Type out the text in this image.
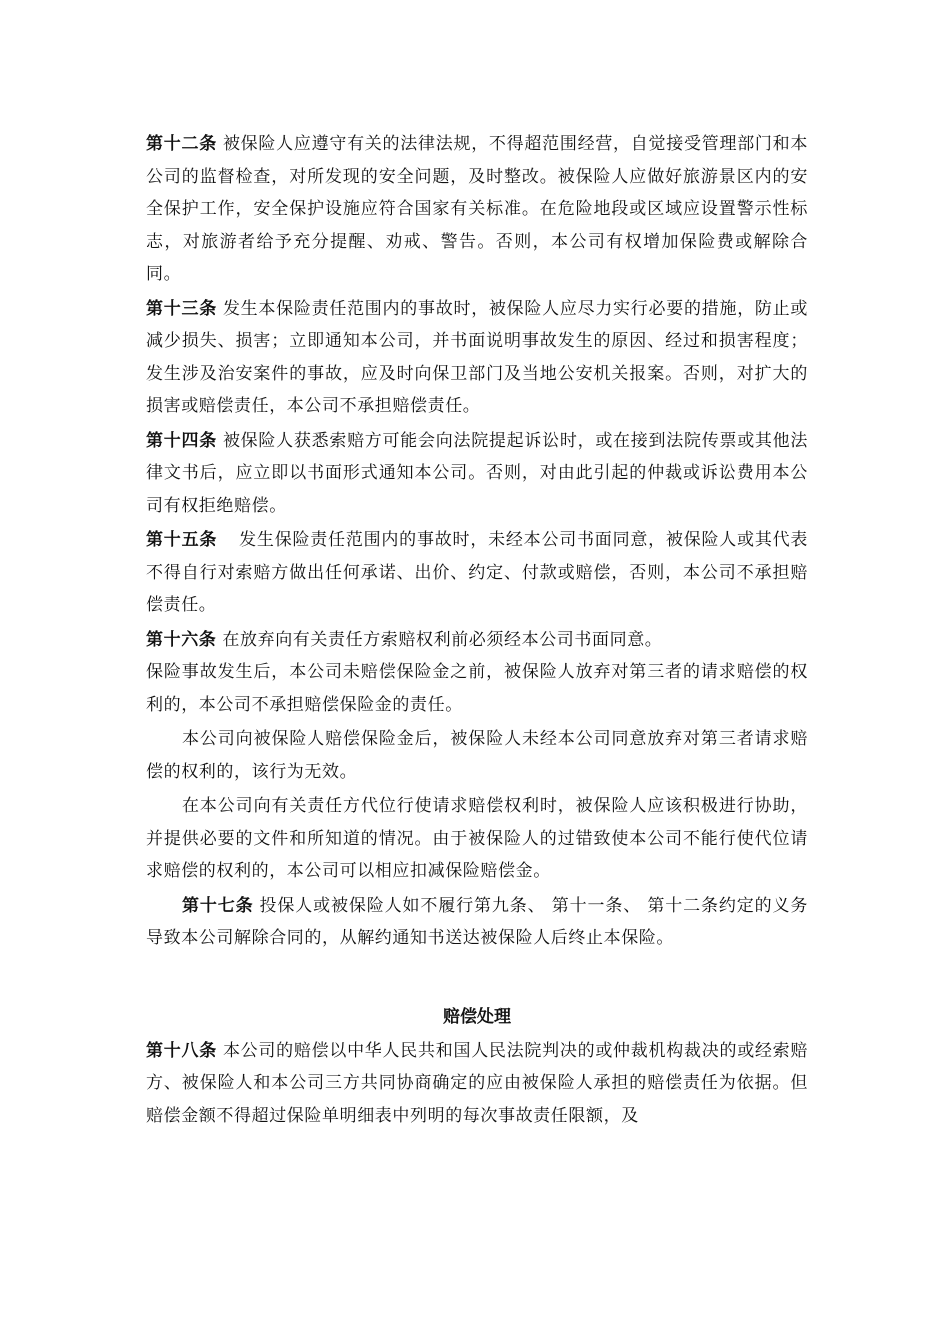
第十二条 被保险人应遵守有关的法律法规，不得超范围经营，自觉接受管理部门和本公司的监督检查，对所发现的安全问题，及时整改。被保险人应做好旅游景区内的安全保护工作，安全保护设施应符合国家有关标准。在危险地段或区域应设置警示性标志，对旅游者给予充分提醒、劝戒、警告。否则，本公司有权增加保险费或解除合同。

第十三条 发生本保险责任范围内的事故时，被保险人应尽力实行必要的措施，防止或减少损失、损害；立即通知本公司，并书面说明事故发生的原因、经过和损害程度；发生涉及治安案件的事故，应及时向保卫部门及当地公安机关报案。否则，对扩大的损害或赔偿责任，本公司不承担赔偿责任。

第十四条 被保险人获悉索赔方可能会向法院提起诉讼时，或在接到法院传票或其他法律文书后，应立即以书面形式通知本公司。否则，对由此引起的仲裁或诉讼费用本公司有权拒绝赔偿。

第十五条 发生保险责任范围内的事故时，未经本公司书面同意，被保险人或其代表不得自行对索赔方做出任何承诺、出价、约定、付款或赔偿，否则，本公司不承担赔偿责任。

第十六条 在放弃向有关责任方索赔权利前必须经本公司书面同意。

保险事故发生后，本公司未赔偿保险金之前，被保险人放弃对第三者的请求赔偿的权利的，本公司不承担赔偿保险金的责任。

本公司向被保险人赔偿保险金后，被保险人未经本公司同意放弃对第三者请求赔偿的权利的，该行为无效。

在本公司向有关责任方代位行使请求赔偿权利时，被保险人应该积极进行协助，并提供必要的文件和所知道的情况。由于被保险人的过错致使本公司不能行使代位请求赔偿的权利的，本公司可以相应扣减保险赔偿金。

第十七条 投保人或被保险人如不履行第九条、 第十一条、 第十二条约定的义务导致本公司解除合同的，从解约通知书送达被保险人后终止本保险。

赔偿处理

第十八条 本公司的赔偿以中华人民共和国人民法院判决的或仲裁机构裁决的或经索赔方、被保险人和本公司三方共同协商确定的应由被保险人承担的赔偿责任为依据。但赔偿金额不得超过保险单明细表中列明的每次事故责任限额，及
